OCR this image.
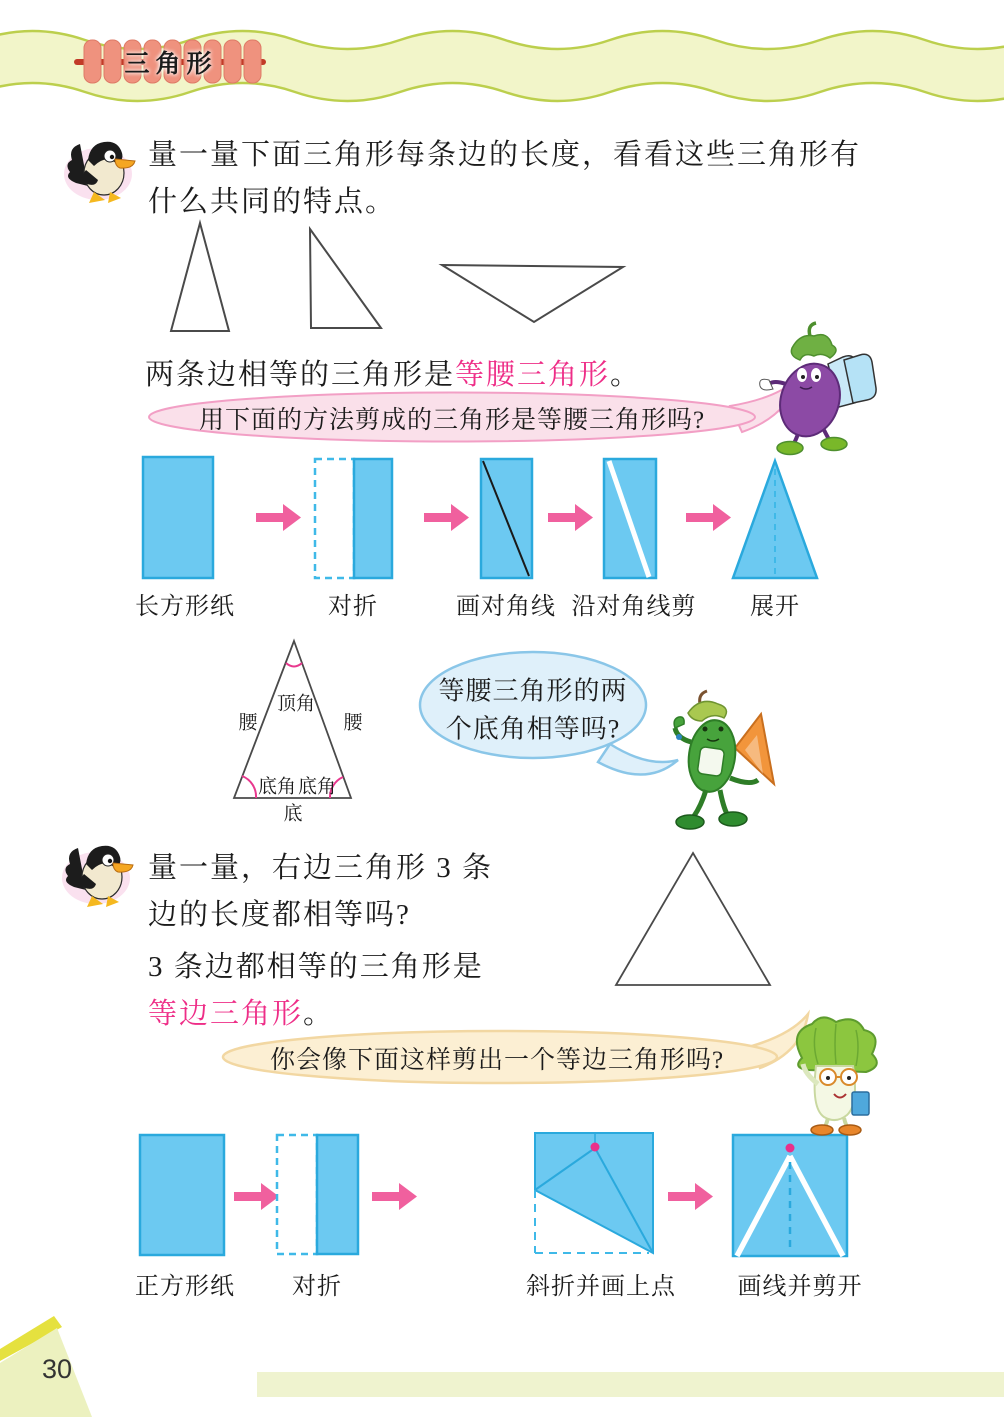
三角形
量一量下面三角形每条边的长度，看看这些三角形有
什么共同的特点。
两条边相等的三角形是等腰三角形。
用下面的方法剪成的三角形是等腰三角形吗?
长方形纸	对折	画对角线 沿对角线剪 展开
顶角
腰	腰
底角 底角
底
等腰三角形的两
个底角相等吗?
量一量，右边三角形 3 条
边的长度都相等吗?
3 条边都相等的三角形是
等边三角形。
你会像下面这样剪出一个等边三角形吗?
正方形纸 对折	斜折并画上点	画线并剪开
30
